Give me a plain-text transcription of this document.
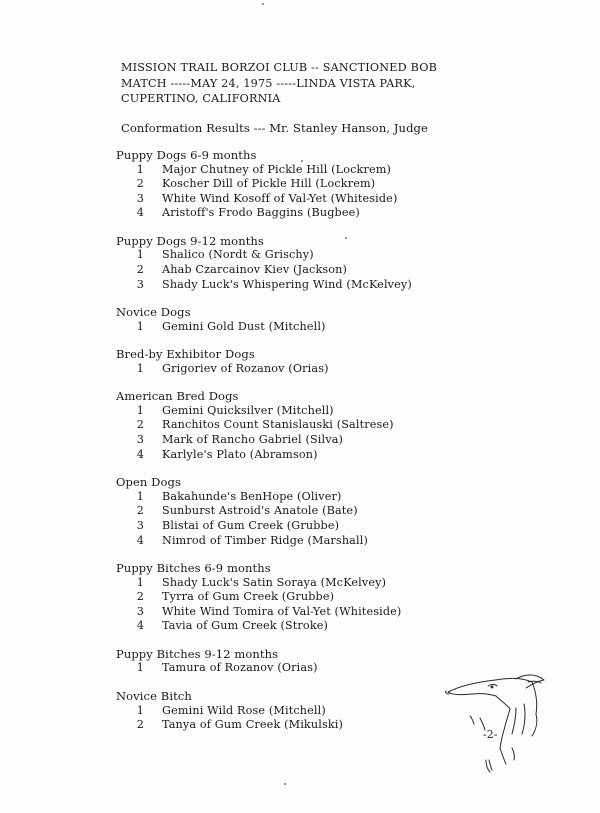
MISSION TRAIL BORZOI CLUB -- SANCTIONED BOB
MATCH -----MAY 24, 1975 -----LINDA VISTA PARK,
CUPERTINO, CALIFORNIA
Conformation Results --- Mr. Stanley Hanson, Judge
Puppy Dogs 6-9 months
1	Major Chutney of Pickle Hill (Lockrem)
2	Koscher Dill of Pickle Hill (Lockrem)
3	White Wind Kosoff of Val-Yet (Whiteside)
4	Aristoff's Frodo Baggins (Bugbee)
Puppy Dogs 9-12 months
1	Shalico (Nordt & Grischy)
2	Ahab Czarcainov Kiev (Jackson)
3	Shady Luck's Whispering Wind (McKelvey)
Novice Dogs
1	Gemini Gold Dust (Mitchell)
Bred-by Exhibitor Dogs
1	Grigoriev of Rozanov (Orias)
American Bred Dogs
1	Gemini Quicksilver (Mitchell)
2	Ranchitos Count Stanislauski (Saltrese)
3	Mark of Rancho Gabriel (Silva)
4	Karlyle's Plato (Abramson)
Open Dogs
1	Bakahunde's BenHope (Oliver)
2	Sunburst Astroid's Anatole (Bate)
3	Blistai of Gum Creek (Grubbe)
4	Nimrod of Timber Ridge (Marshall)
Puppy Bitches 6-9 months
1	Shady Luck's Satin Soraya (McKelvey)
2	Tyrra of Gum Creek (Grubbe)
3	White Wind Tomira of Val-Yet (Whiteside)
4	Tavia of Gum Creek (Stroke)
Puppy Bitches 9-12 months
1	Tamura of Rozanov (Orias)
Novice Bitch
1	Gemini Wild Rose (Mitchell)
2	Tanya of Gum Creek (Mikulski)
-2-
